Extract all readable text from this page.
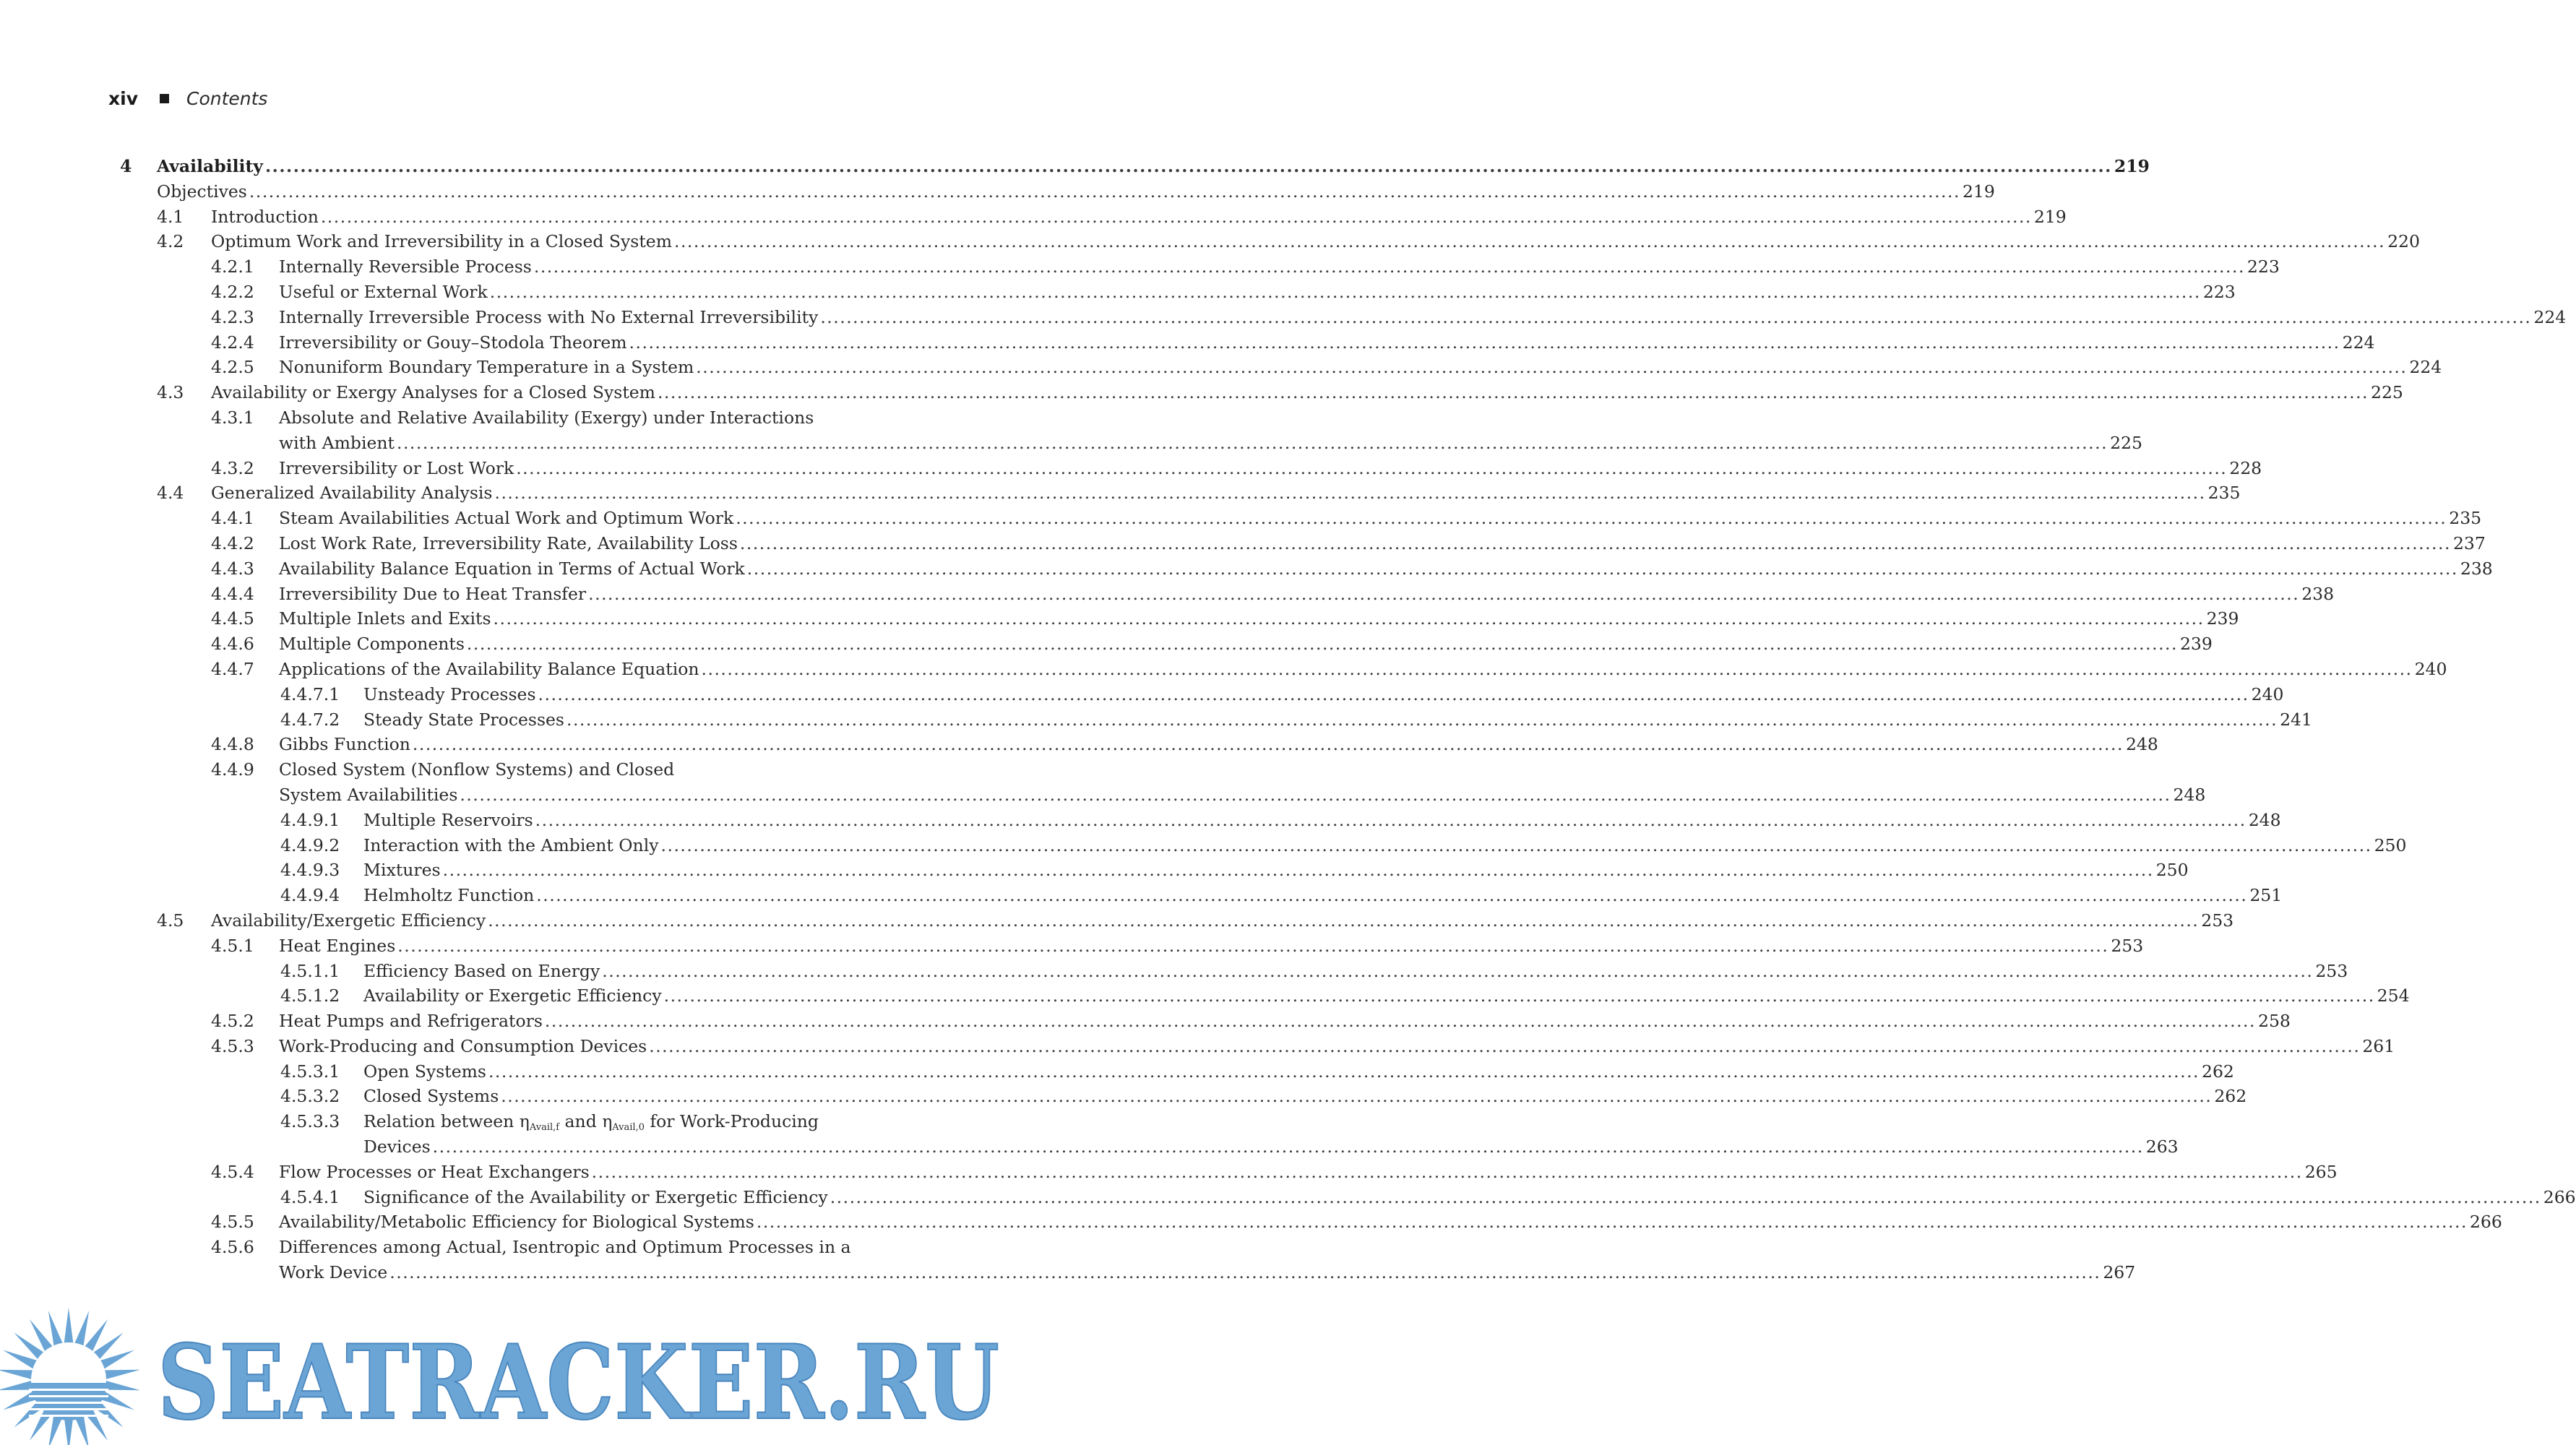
xiv	Contents
4 Availability .....	219
Objectives .....	219
4.1 Introduction .....	219
4.2 Optimum Work and Irreversibility in a Closed System .....	220
4.2.1 Internally Reversible Process .....	223
4.2.2 Useful or External Work .....	223
4.2.3 Internally Irreversible Process with No External Irreversibility .....	224
4.2.4 Irreversibility or Gouy–Stodola Theorem .....	224
4.2.5 Nonuniform Boundary Temperature in a System .....	224
4.3 Availability or Exergy Analyses for a Closed System .....	225
4.3.1 Absolute and Relative Availability (Exergy) under Interactions
with Ambient .....	225
4.3.2 Irreversibility or Lost Work .....	228
4.4 Generalized Availability Analysis .....	235
4.4.1 Steam Availabilities Actual Work and Optimum Work .....	235
4.4.2 Lost Work Rate, Irreversibility Rate, Availability Loss .....	237
4.4.3 Availability Balance Equation in Terms of Actual Work .....	238
4.4.4 Irreversibility Due to Heat Transfer .....	238
4.4.5 Multiple Inlets and Exits .....	239
4.4.6 Multiple Components .....	239
4.4.7 Applications of the Availability Balance Equation .....	240
4.4.7.1 Unsteady Processes .....	240
4.4.7.2 Steady State Processes .....	241
4.4.8 Gibbs Function .....	248
4.4.9 Closed System (Nonflow Systems) and Closed
System Availabilities .....	248
4.4.9.1 Multiple Reservoirs .....	248
4.4.9.2 Interaction with the Ambient Only .....	250
4.4.9.3 Mixtures .....	250
4.4.9.4 Helmholtz Function .....	251
4.5 Availability/Exergetic Efficiency .....	253
4.5.1 Heat Engines .....	253
4.5.1.1 Efficiency Based on Energy .....	253
4.5.1.2 Availability or Exergetic Efficiency .....	254
4.5.2 Heat Pumps and Refrigerators .....	258
4.5.3 Work-Producing and Consumption Devices .....	261
4.5.3.1 Open Systems .....	262
4.5.3.2 Closed Systems .....	262
4.5.3.3 Relation between $\eta_{Avail,f}$ and $\eta_{Avail,0}$ for Work-Producing
Devices .....	263
4.5.4 Flow Processes or Heat Exchangers .....	265
4.5.4.1 Significance of the Availability or Exergetic Efficiency .....	266
4.5.5 Availability/Metabolic Efficiency for Biological Systems .....	266
4.5.6 Differences among Actual, Isentropic and Optimum Processes in a
Work Device .....	267
SEATRACKER.RU
